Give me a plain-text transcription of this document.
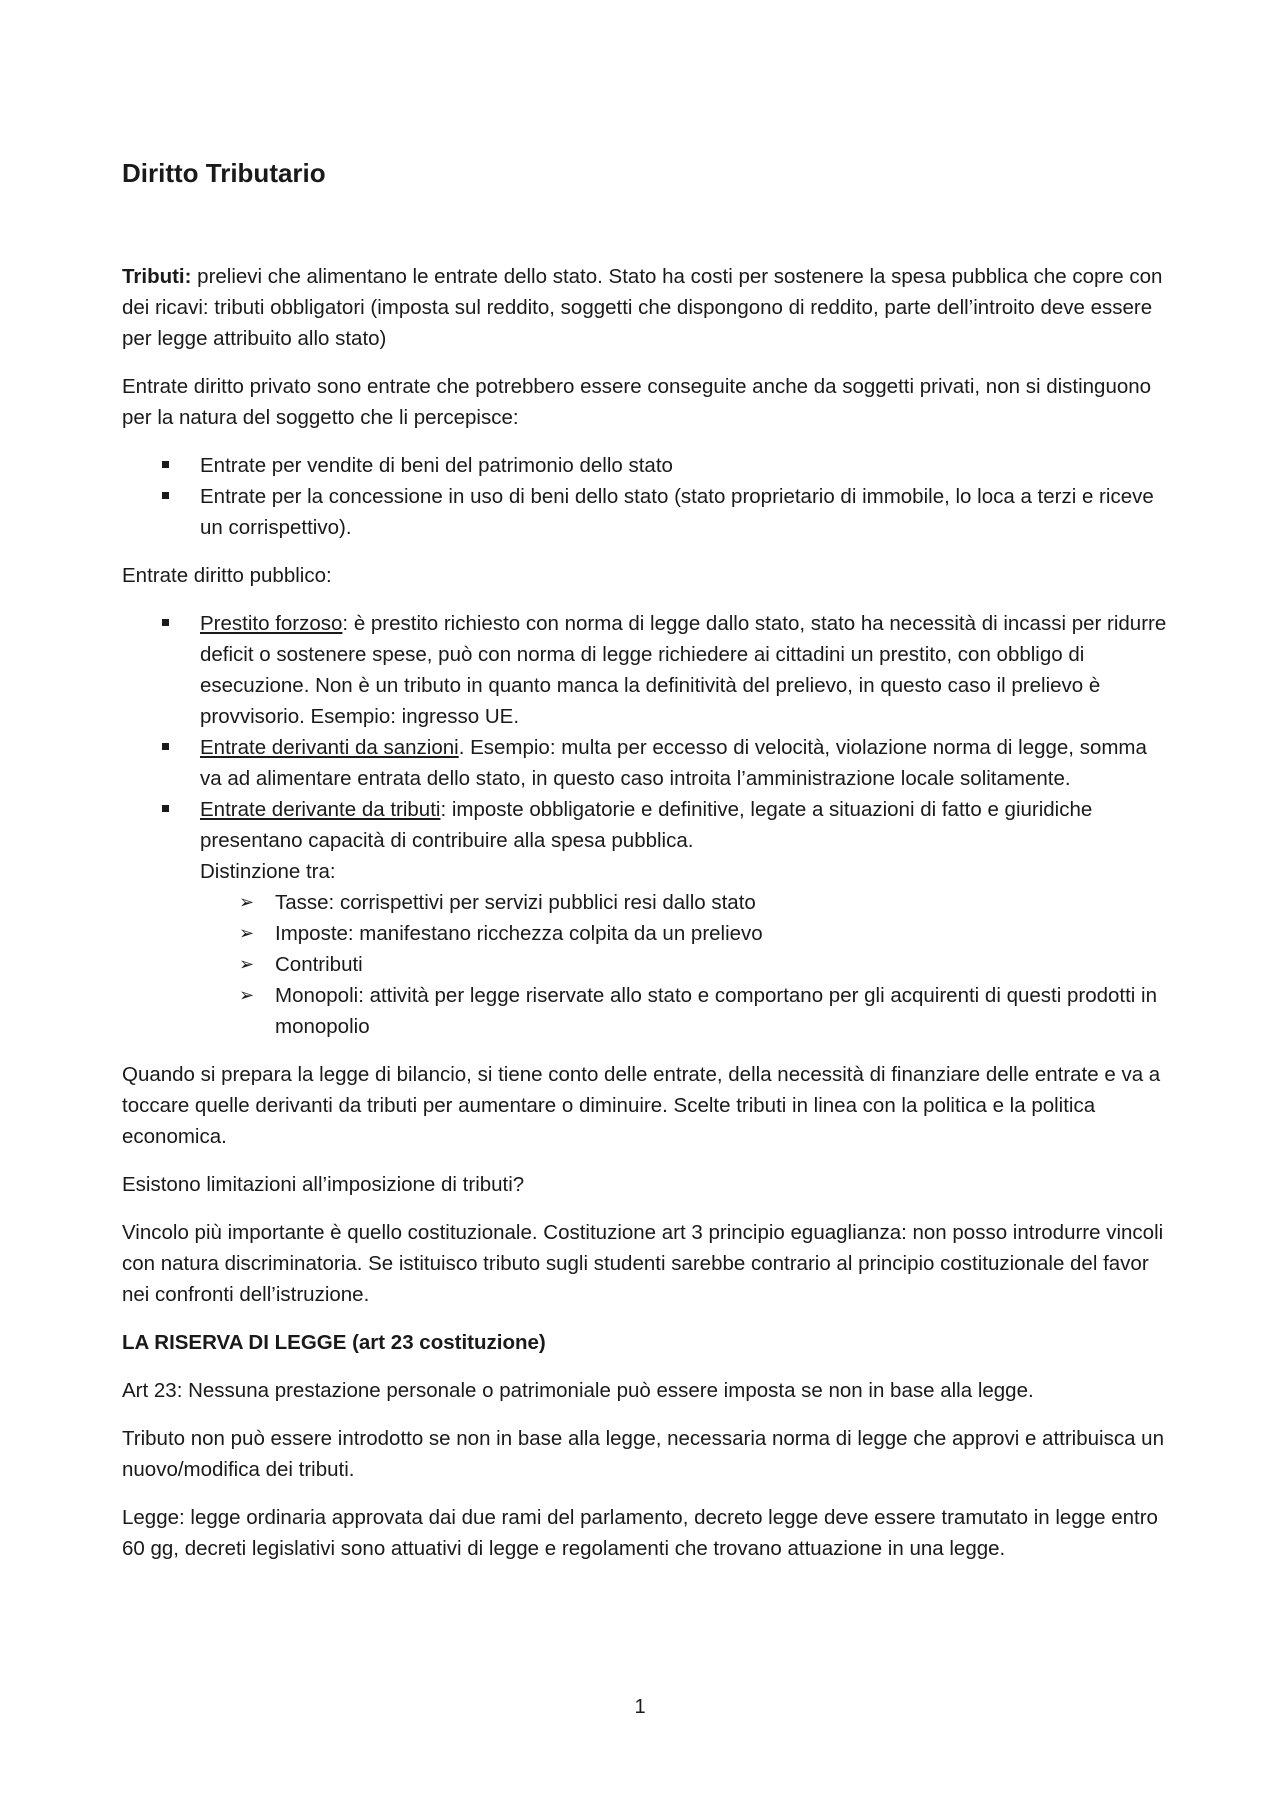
Diritto Tributario

Tributi: prelievi che alimentano le entrate dello stato. Stato ha costi per sostenere la spesa pubblica che copre con dei ricavi: tributi obbligatori (imposta sul reddito, soggetti che dispongono di reddito, parte dell’introito deve essere per legge attribuito allo stato)

Entrate diritto privato sono entrate che potrebbero essere conseguite anche da soggetti privati, non si distinguono per la natura del soggetto che li percepisce:

Entrate per vendite di beni del patrimonio dello stato
Entrate per la concessione in uso di beni dello stato (stato proprietario di immobile, lo loca a terzi e riceve un corrispettivo).

Entrate diritto pubblico:

Prestito forzoso: è prestito richiesto con norma di legge dallo stato, stato ha necessità di incassi per ridurre deficit o sostenere spese, può con norma di legge richiedere ai cittadini un prestito, con obbligo di esecuzione. Non è un tributo in quanto manca la definitività del prelievo, in questo caso il prelievo è provvisorio. Esempio: ingresso UE.
Entrate derivanti da sanzioni. Esempio: multa per eccesso di velocità, violazione norma di legge, somma va ad alimentare entrata dello stato, in questo caso introita l’amministrazione locale solitamente.
Entrate derivante da tributi: imposte obbligatorie e definitive, legate a situazioni di fatto e giuridiche presentano capacità di contribuire alla spesa pubblica.
Distinzione tra:
➢ Tasse: corrispettivi per servizi pubblici resi dallo stato
➢ Imposte: manifestano ricchezza colpita da un prelievo
➢ Contributi
➢ Monopoli: attività per legge riservate allo stato e comportano per gli acquirenti di questi prodotti in monopolio

Quando si prepara la legge di bilancio, si tiene conto delle entrate, della necessità di finanziare delle entrate e va a toccare quelle derivanti da tributi per aumentare o diminuire. Scelte tributi in linea con la politica e la politica economica.

Esistono limitazioni all’imposizione di tributi?

Vincolo più importante è quello costituzionale. Costituzione art 3 principio eguaglianza: non posso introdurre vincoli con natura discriminatoria. Se istituisco tributo sugli studenti sarebbe contrario al principio costituzionale del favor nei confronti dell’istruzione.

LA RISERVA DI LEGGE (art 23 costituzione)

Art 23: Nessuna prestazione personale o patrimoniale può essere imposta se non in base alla legge.

Tributo non può essere introdotto se non in base alla legge, necessaria norma di legge che approvi e attribuisca un nuovo/modifica dei tributi.

Legge: legge ordinaria approvata dai due rami del parlamento, decreto legge deve essere tramutato in legge entro 60 gg, decreti legislativi sono attuativi di legge e regolamenti che trovano attuazione in una legge.

1
